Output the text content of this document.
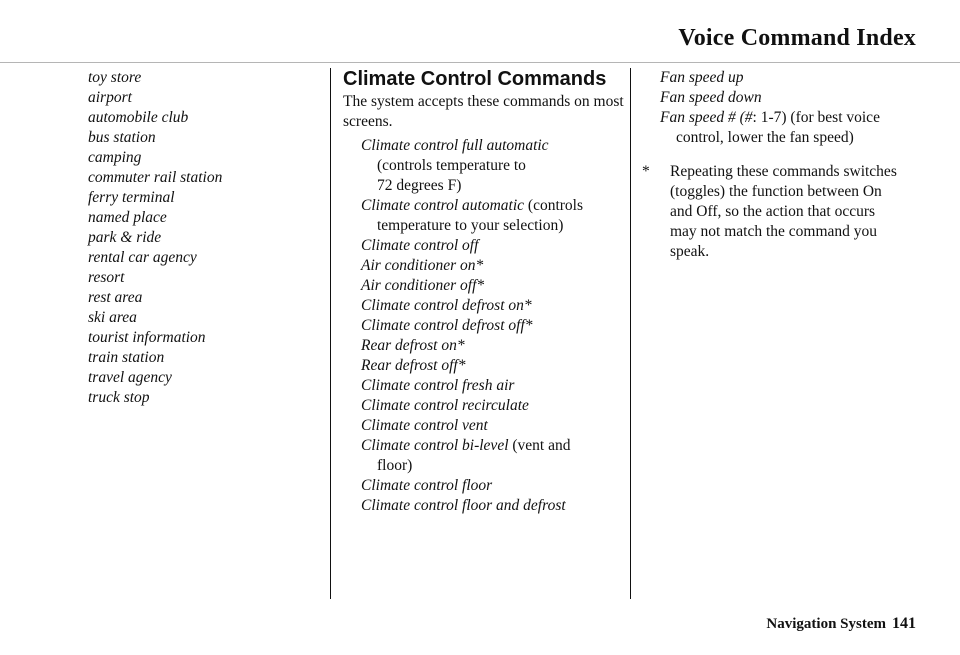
Voice Command Index
toy store
airport
automobile club
bus station
camping
commuter rail station
ferry terminal
named place
park & ride
rental car agency
resort
rest area
ski area
tourist information
train station
travel agency
truck stop
Climate Control Commands
The system accepts these commands on most screens.
Climate control full automatic
(controls temperature to
72 degrees F)
Climate control automatic (controls
temperature to your selection)
Climate control off
Air conditioner on*
Air conditioner off*
Climate control defrost on*
Climate control defrost off*
Rear defrost on*
Rear defrost off*
Climate control fresh air
Climate control recirculate
Climate control vent
Climate control bi-level (vent and
floor)
Climate control floor
Climate control floor and defrost
Fan speed up
Fan speed down
Fan speed # (#: 1-7) (for best voice
control, lower the fan speed)
* Repeating these commands switches
(toggles) the function between On
and Off, so the action that occurs
may not match the command you
speak.
Navigation System 141
